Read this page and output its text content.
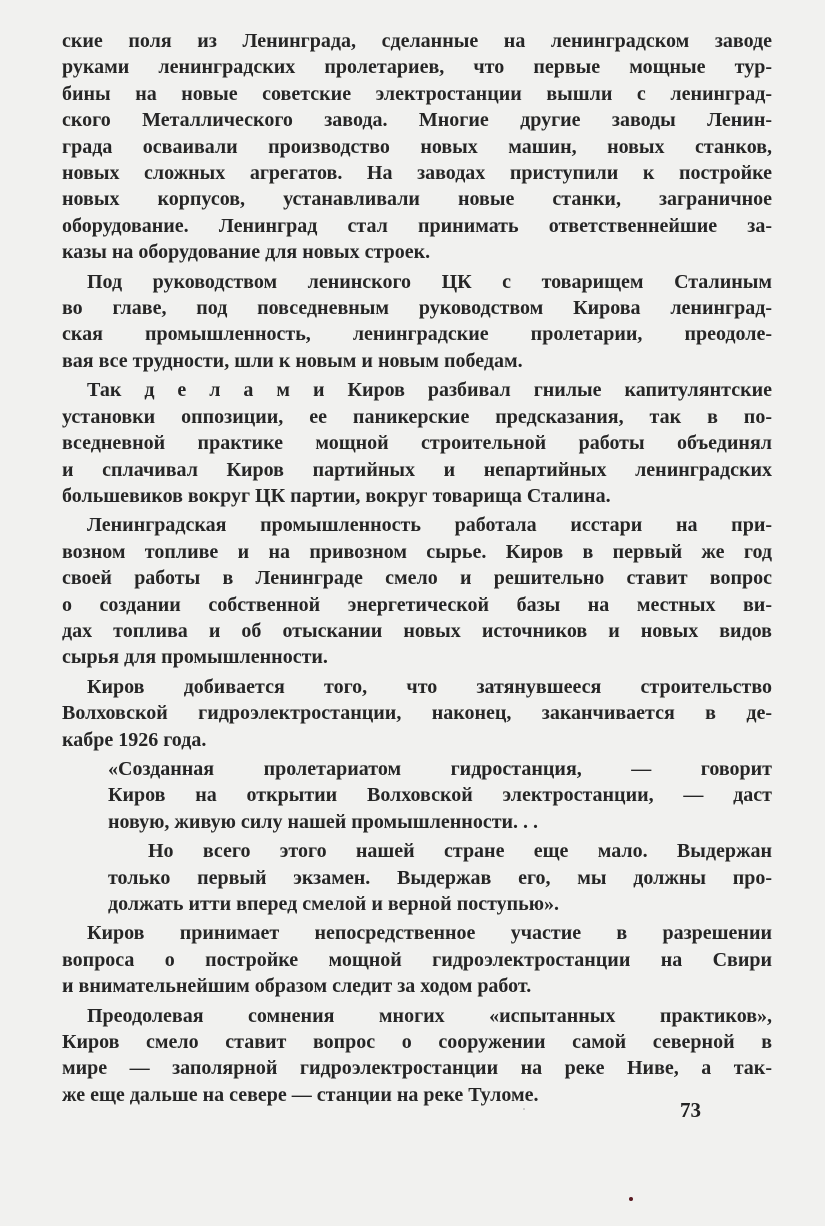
ские поля из Ленинграда, сделанные на ленинградском заводе
руками ленинградских пролетариев, что первые мощные тур-
бины на новые советские электростанции вышли с ленинград-
ского Металлического завода. Многие другие заводы Ленин-
града осваивали производство новых машин, новых станков,
новых сложных агрегатов. На заводах приступили к постройке
новых корпусов, устанавливали новые станки, заграничное
оборудование. Ленинград стал принимать ответственнейшие за-
казы на оборудование для новых строек.
Под руководством ленинского ЦК с товарищем Сталиным
во главе, под повседневным руководством Кирова ленинград-
ская промышленность, ленинградские пролетарии, преодоле-
вая все трудности, шли к новым и новым победам.
Так д е л а м и Киров разбивал гнилые капитулянтские
установки оппозиции, ее паникерские предсказания, так в по-
вседневной практике мощной строительной работы объединял
и сплачивал Киров партийных и непартийных ленинградских
большевиков вокруг ЦК партии, вокруг товарища Сталина.
Ленинградская промышленность работала исстари на при-
возном топливе и на привозном сырье. Киров в первый же год
своей работы в Ленинграде смело и решительно ставит вопрос
о создании собственной энергетической базы на местных ви-
дах топлива и об отыскании новых источников и новых видов
сырья для промышленности.
Киров добивается того, что затянувшееся строительство
Волховской гидроэлектростанции, наконец, заканчивается в де-
кабре 1926 года.
«Созданная пролетариатом гидростанция, — говорит
Киров на открытии Волховской электростанции, — даст
новую, живую силу нашей промышленности. . .
Но всего этого нашей стране еще мало. Выдержан
только первый экзамен. Выдержав его, мы должны про-
должать итти вперед смелой и верной поступью».
Киров принимает непосредственное участие в разрешении
вопроса о постройке мощной гидроэлектростанции на Свири
и внимательнейшим образом следит за ходом работ.
Преодолевая сомнения многих «испытанных практиков»,
Киров смело ставит вопрос о сооружении самой северной в
мире — заполярной гидроэлектростанции на реке Ниве, а так-
же еще дальше на севере — станции на реке Туломе.
73
